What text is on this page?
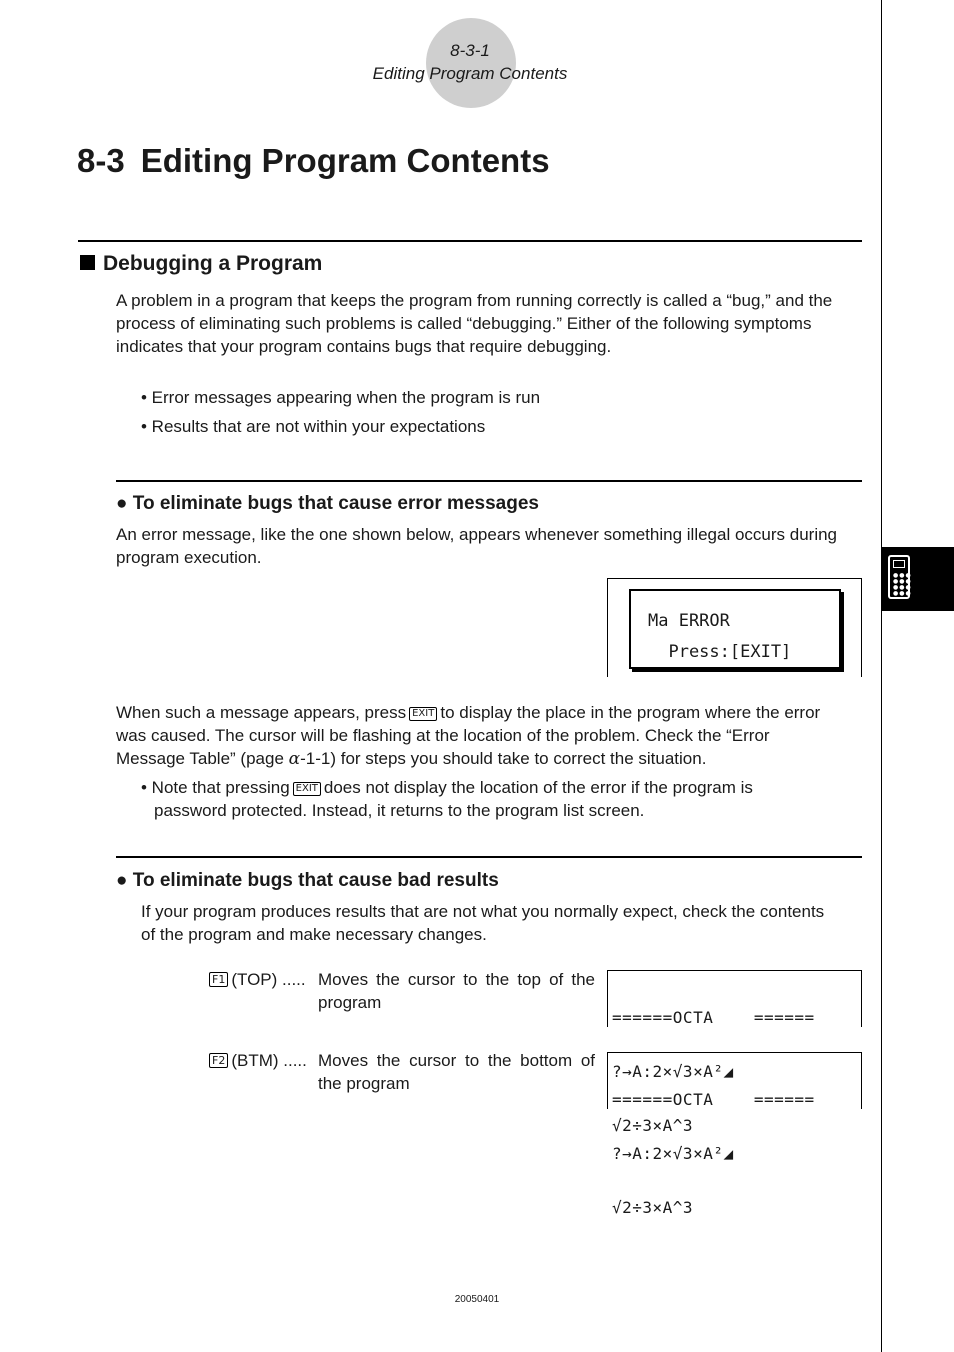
8-3-1
Editing Program Contents
●●●
●●●
●●●
●●●
8-3 Editing Program Contents
Debugging a Program
A problem in a program that keeps the program from running correctly is called a “bug,” and the process of eliminating such problems is called “debugging.” Either of the following symptoms indicates that your program contains bugs that require debugging.
• Error messages appearing when the program is run
• Results that are not within your expectations
● To eliminate bugs that cause error messages
An error message, like the one shown below, appears whenever something illegal occurs during program execution.
Ma ERROR
Press:[EXIT]
When such a message appears, press EXIT to display the place in the program where the error
was caused. The cursor will be flashing at the location of the problem. Check the “Error
Message Table” (page α-1-1) for steps you should take to correct the situation.
• Note that pressing EXIT does not display the location of the error if the program is
password protected. Instead, it returns to the program list screen.
● To eliminate bugs that cause bad results
If your program produces results that are not what you normally expect, check the contents of the program and make necessary changes.
F1 (TOP) ..... Moves the cursor to the top of the program

======OCTA    ======

?→A:2×√3×A²◢

√2÷3×A^3

F2 (BTM) ..... Moves the cursor to the bottom of the program

======OCTA    ======

?→A:2×√3×A²◢

√2÷3×A^3

20050401
